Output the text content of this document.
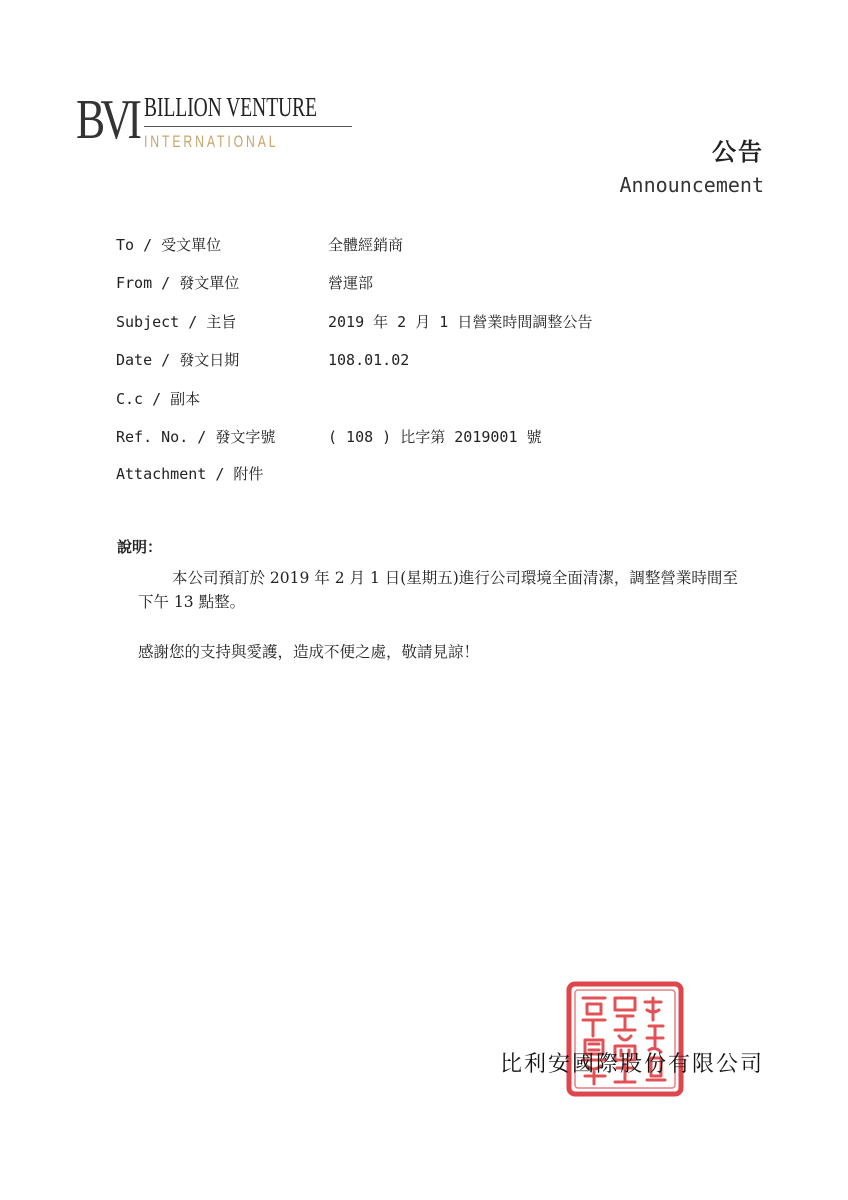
BVI BILLION VENTURE
INTERNATIONAL	公告
Announcement
To / 受文單位	全體經銷商
From / 發文單位	營運部
Subject / 主旨	2019 年 2 月 1 日營業時間調整公告
Date / 發文日期	108.01.02
C.c / 副本
Ref. No. / 發文字號	( 108 ) 比字第 2019001 號
Attachment / 附件
說明：
本公司預訂於 2019 年 2 月 1 日(星期五)進行公司環境全面清潔，調整營業時間至下午 13 點整。
感謝您的支持與愛護，造成不便之處，敬請見諒！
比利安國際股份有限公司
